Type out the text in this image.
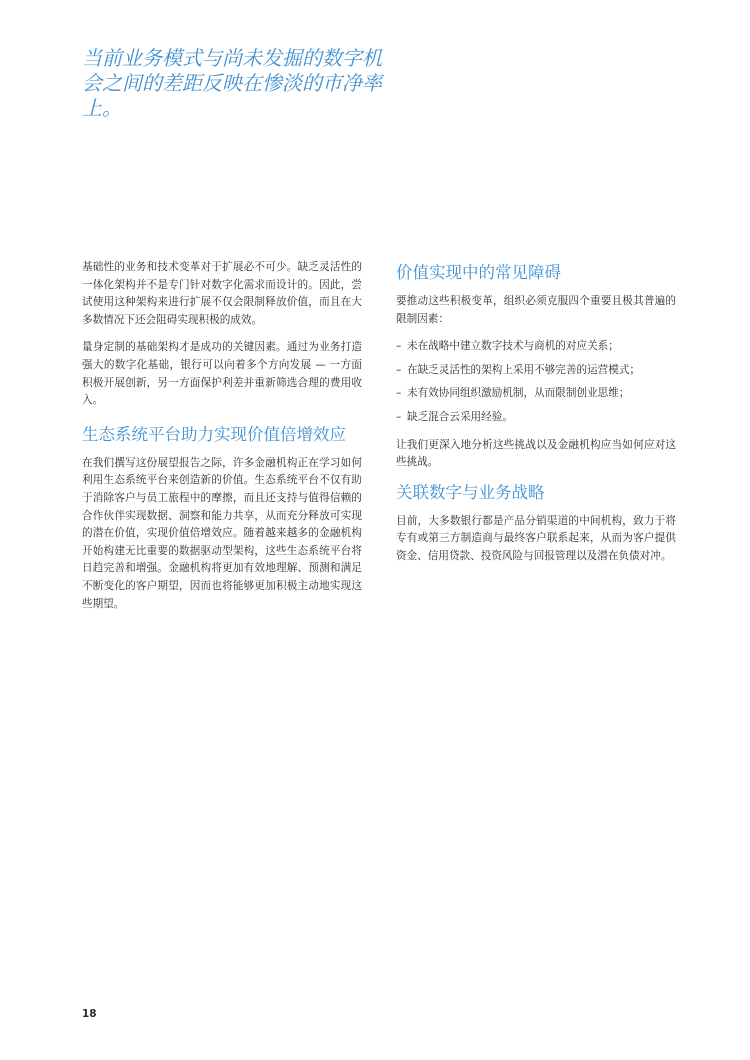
当前业务模式与尚未发掘的数字机会之间的差距反映在惨淡的市净率上。

基础性的业务和技术变革对于扩展必不可少。缺乏灵活性的一体化架构并不是专门针对数字化需求而设计的。因此，尝试使用这种架构来进行扩展不仅会限制释放价值，而且在大多数情况下还会阻碍实现积极的成效。

量身定制的基础架构才是成功的关键因素。通过为业务打造强大的数字化基础，银行可以向着多个方向发展 — 一方面积极开展创新，另一方面保护利差并重新筛选合理的费用收入。

生态系统平台助力实现价值倍增效应

在我们撰写这份展望报告之际，许多金融机构正在学习如何利用生态系统平台来创造新的价值。生态系统平台不仅有助于消除客户与员工旅程中的摩擦，而且还支持与值得信赖的合作伙伴实现数据、洞察和能力共享，从而充分释放可实现的潜在价值，实现价值倍增效应。随着越来越多的金融机构开始构建无比重要的数据驱动型架构，这些生态系统平台将日趋完善和增强。金融机构将更加有效地理解、预测和满足不断变化的客户期望，因而也将能够更加积极主动地实现这些期望。

价值实现中的常见障碍

要推动这些积极变革，组织必须克服四个重要且极其普遍的限制因素：

– 未在战略中建立数字技术与商机的对应关系；
– 在缺乏灵活性的架构上采用不够完善的运营模式；
– 未有效协同组织激励机制，从而限制创业思维；
– 缺乏混合云采用经验。

让我们更深入地分析这些挑战以及金融机构应当如何应对这些挑战。

关联数字与业务战略

目前，大多数银行都是产品分销渠道的中间机构，致力于将专有或第三方制造商与最终客户联系起来，从而为客户提供资金、信用贷款、投资风险与回报管理以及潜在负债对冲。

18
